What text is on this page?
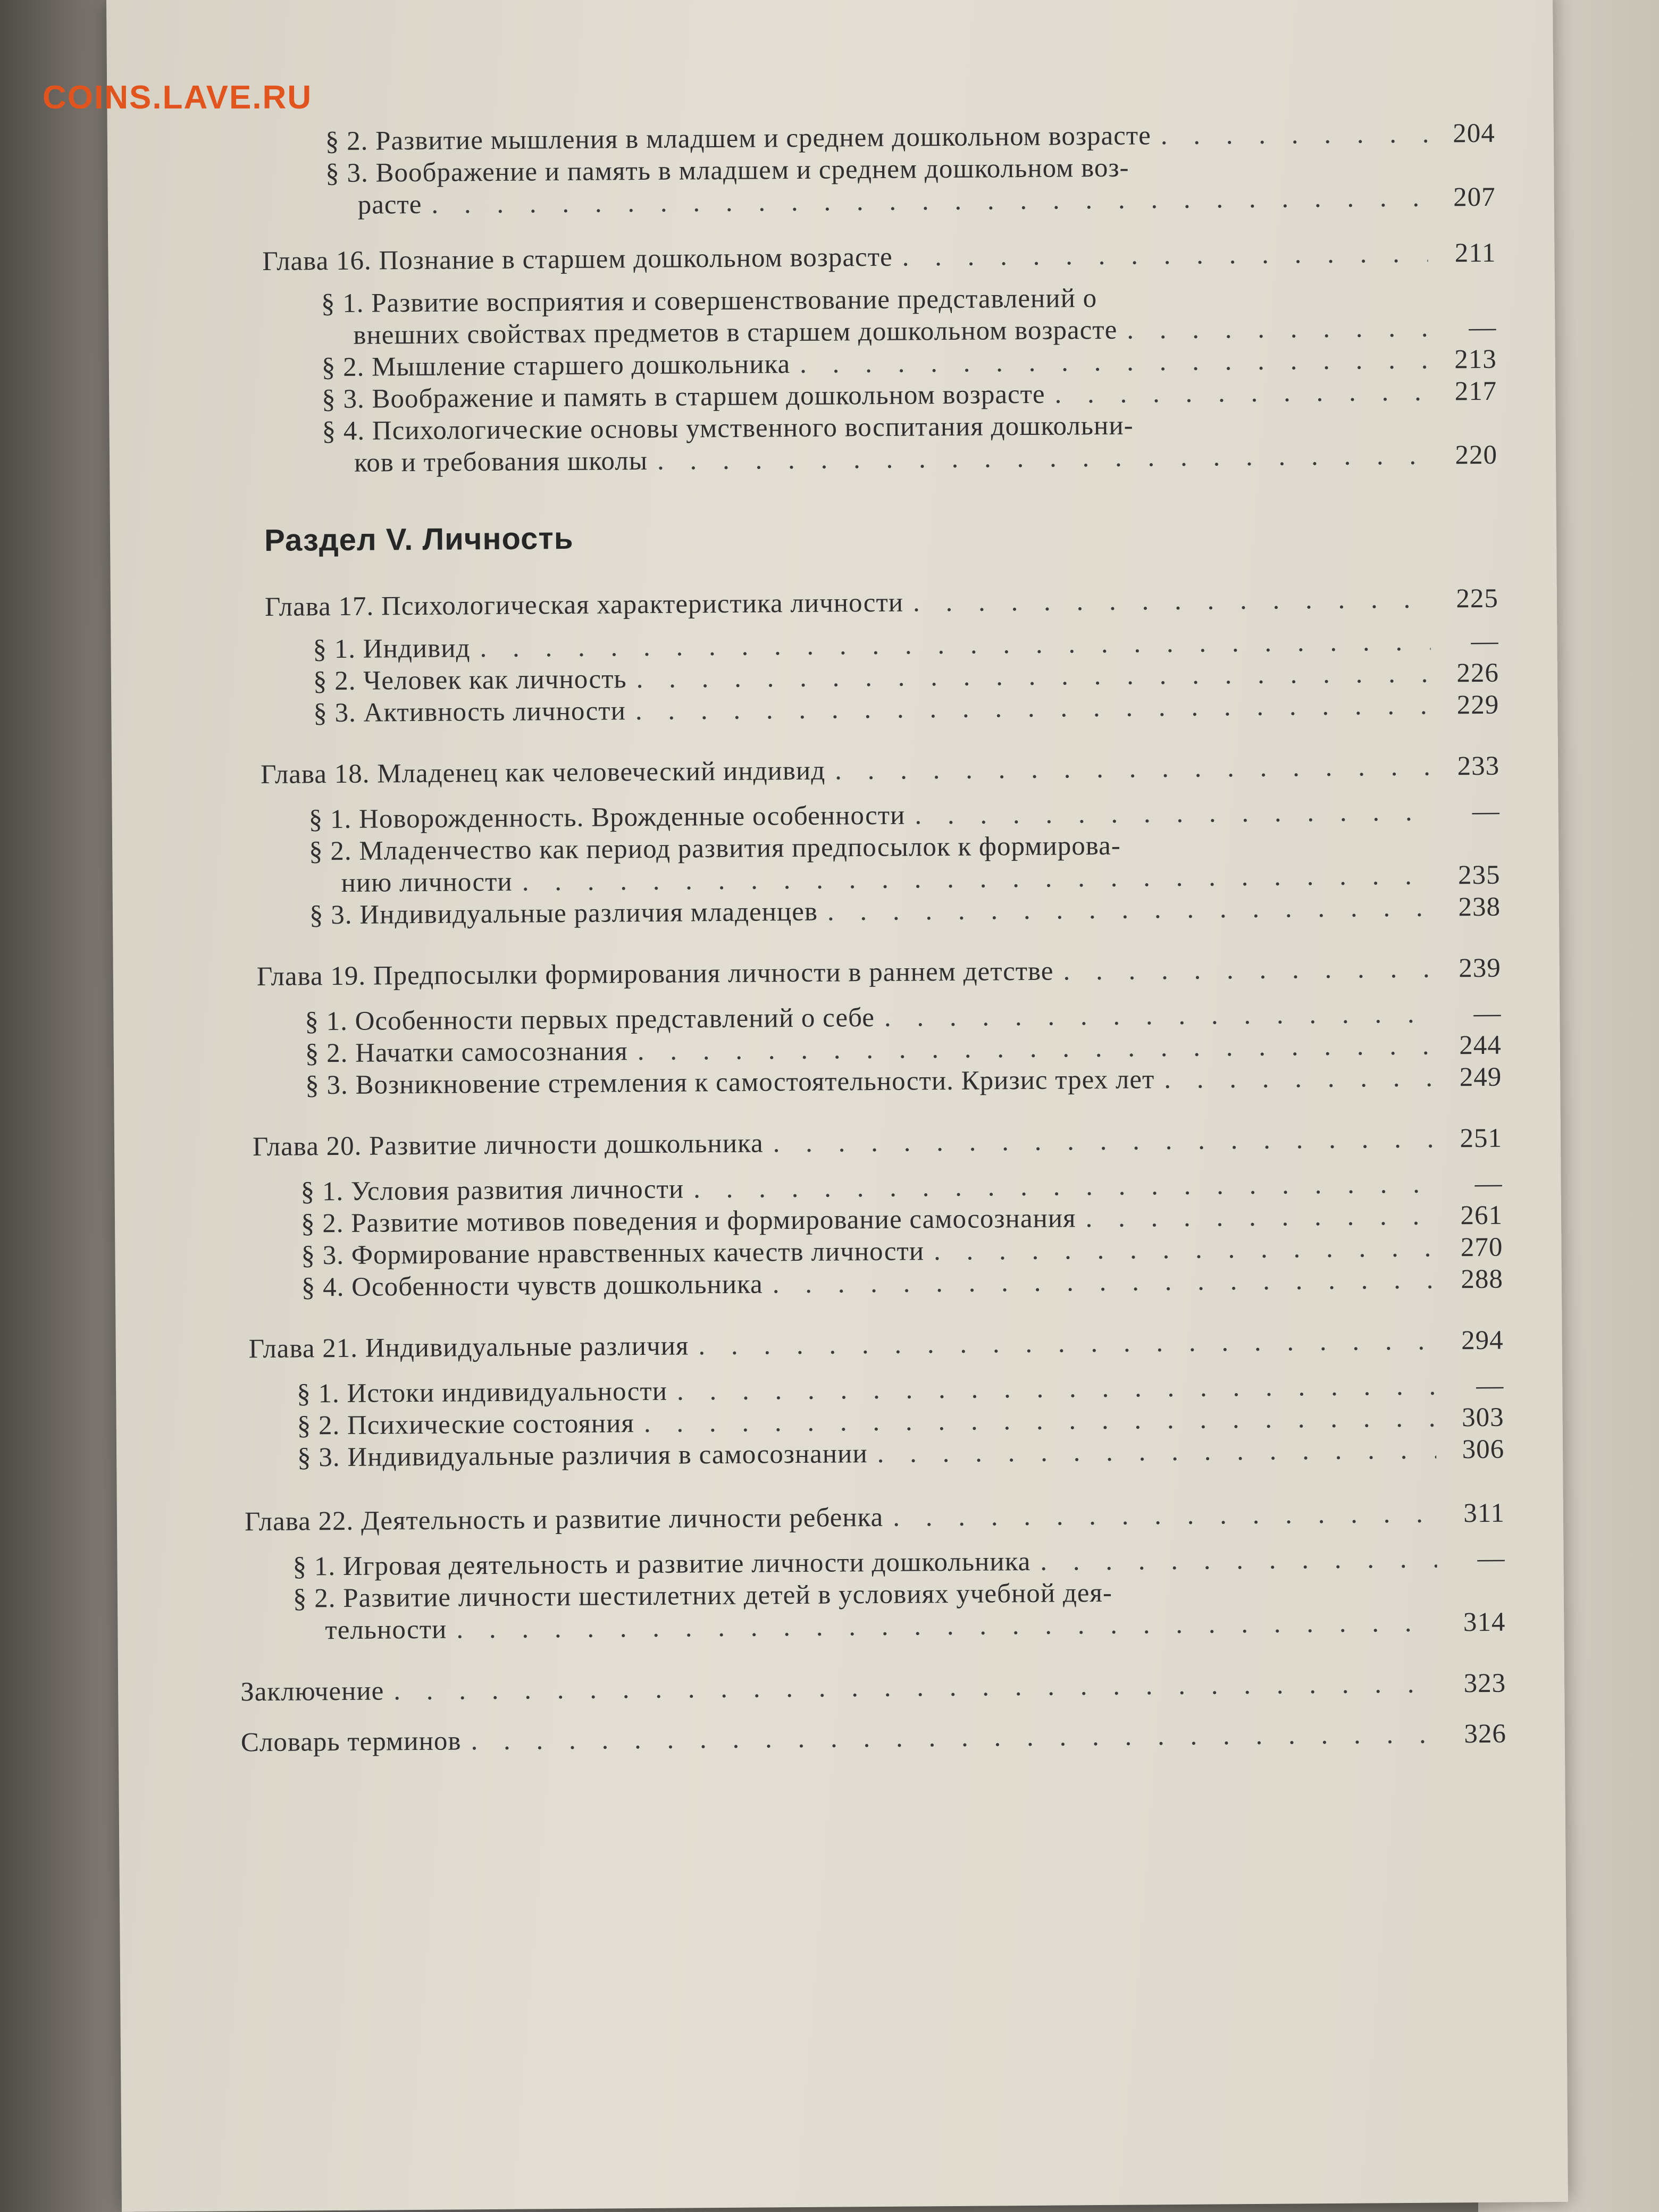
Раздел V. Личность
§ 2. Развитие мышления в младшем и среднем дошкольном возрасте . . .	204
§ 3. Воображение и память в младшем и среднем дошкольном воз-
расте . . .	207
Глава 16. Познание в старшем дошкольном возрасте . . .	211
§ 1. Развитие восприятия и совершенствование представлений о
внешних свойствах предметов в старшем дошкольном возрасте . . .	—
§ 2. Мышление старшего дошкольника . . .	213
§ 3. Воображение и память в старшем дошкольном возрасте . . .	217
§ 4. Психологические основы умственного воспитания дошкольни-
ков и требования школы . . .	220
Глава 17. Психологическая характеристика личности . . .	225
§ 1. Индивид . . .	—
§ 2. Человек как личность . . .	226
§ 3. Активность личности . . .	229
Глава 18. Младенец как человеческий индивид . . .	233
§ 1. Новорожденность. Врожденные особенности . . .	—
§ 2. Младенчество как период развития предпосылок к формирова-
нию личности . . .	235
§ 3. Индивидуальные различия младенцев . . .	238
Глава 19. Предпосылки формирования личности в раннем детстве . . .	239
§ 1. Особенности первых представлений о себе . . .	—
§ 2. Начатки самосознания . . .	244
§ 3. Возникновение стремления к самостоятельности. Кризис трех лет . . .	249
Глава 20. Развитие личности дошкольника . . .	251
§ 1. Условия развития личности . . .	—
§ 2. Развитие мотивов поведения и формирование самосознания . . .	261
§ 3. Формирование нравственных качеств личности . . .	270
§ 4. Особенности чувств дошкольника . . .	288
Глава 21. Индивидуальные различия . . .	294
§ 1. Истоки индивидуальности . . .	—
§ 2. Психические состояния . . .	303
§ 3. Индивидуальные различия в самосознании . . .	306
Глава 22. Деятельность и развитие личности ребенка . . .	311
§ 1. Игровая деятельность и развитие личности дошкольника . . .	—
§ 2. Развитие личности шестилетних детей в условиях учебной дея-
тельности . . .	314
Заключение . . .	323
Словарь терминов . . .	326
COINS.LAVE.RU
